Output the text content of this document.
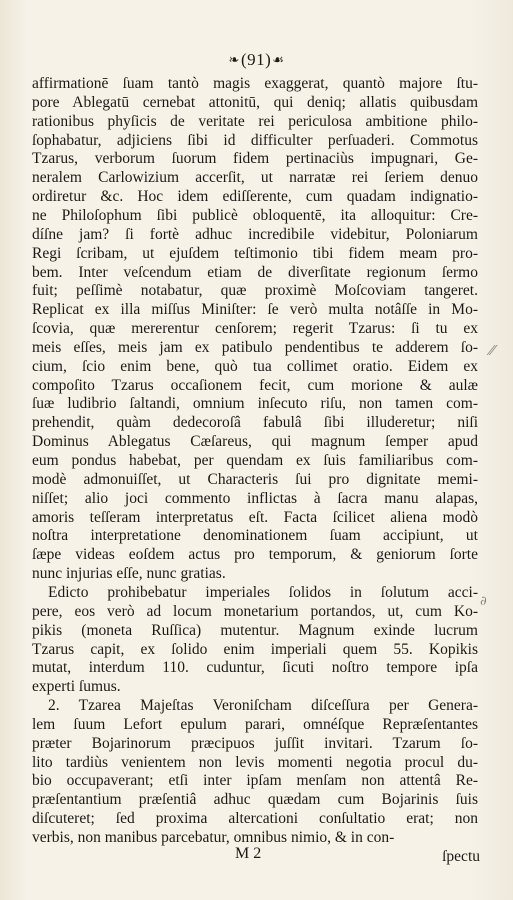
❧(91)☙
affirmationē ſuam tantò magis exaggerat, quantò majore ſtu-
pore Ablegatū cernebat attonitū, qui deniq; allatis quibusdam
rationibus phyſicis de veritate rei periculosa ambitione philo-
ſophabatur, adjiciens ſibi id difficulter perſuaderi. Commotus
Tzarus, verborum ſuorum fidem pertinaciùs impugnari, Ge-
neralem Carlowizium accerſit, ut narratæ rei ſeriem denuo
ordiretur &c. Hoc idem ediſſerente, cum quadam indignatio-
ne Philoſophum ſibi publicè obloquentē, ita alloquitur: Cre-
díſne jam? ſi fortè adhuc incredibile videbitur, Poloniarum
Regi ſcribam, ut ejuſdem teſtimonio tibi fidem meam pro-
bem. Inter veſcendum etiam de diverſitate regionum ſermo
fuit; peſſimè notabatur, quæ proximè Moſcoviam tangeret.
Replicat ex illa miſſus Miniſter: ſe verò multa notâſſe in Mo-
ſcovia, quæ mererentur cenſorem; regerit Tzarus: ſi tu ex
meis eſſes, meis jam ex patibulo pendentibus te adderem ſo-
cium, ſcio enim bene, quò tua collimet oratio. Eidem ex
compoſito Tzarus occaſionem fecit, cum morione & aulæ
ſuæ ludibrio ſaltandi, omnium inſecuto riſu, non tamen com-
prehendit, quàm dedecoroſâ fabulâ ſibi illuderetur; niſi
Dominus Ablegatus Cæſareus, qui magnum ſemper apud
eum pondus habebat, per quendam ex ſuis familiaribus com-
modè admonuiſſet, ut Characteris ſui pro dignitate memi-
niſſet; alio joci commento inflictas à ſacra manu alapas,
amoris teſſeram interpretatus eſt. Facta ſcilicet aliena modò
noſtra interpretatione denominationem ſuam accipiunt, ut
ſæpe videas eoſdem actus pro temporum, & geniorum ſorte
nunc injurias eſſe, nunc gratias.
Edicto prohibebatur imperiales ſolidos in ſolutum acci-
pere, eos verò ad locum monetarium portandos, ut, cum Ko-
pikis (moneta Ruſſica) mutentur. Magnum exinde lucrum
Tzarus capit, ex ſolido enim imperiali quem 55. Kopikis
mutat, interdum 110. cuduntur, ſicuti noſtro tempore ipſa
experti ſumus.
2. Tzarea Majeſtas Veroniſcham diſceſſura per Genera-
lem ſuum Lefort epulum parari, omnéſque Repræſentantes
præter Bojarinorum præcipuos juſſit invitari. Tzarum ſo-
lito tardiùs venientem non levis momenti negotia procul du-
bio occupaverant; etſi inter ipſam menſam non attentâ Re-
præſentantium præſentiâ adhuc quædam cum Bojarinis ſuis
diſcuteret; ſed proxima altercationi conſultatio erat; non
verbis, non manibus parcebatur, omnibus nimio, & in con-
M 2	ſpectu
⁄⁄
∂
